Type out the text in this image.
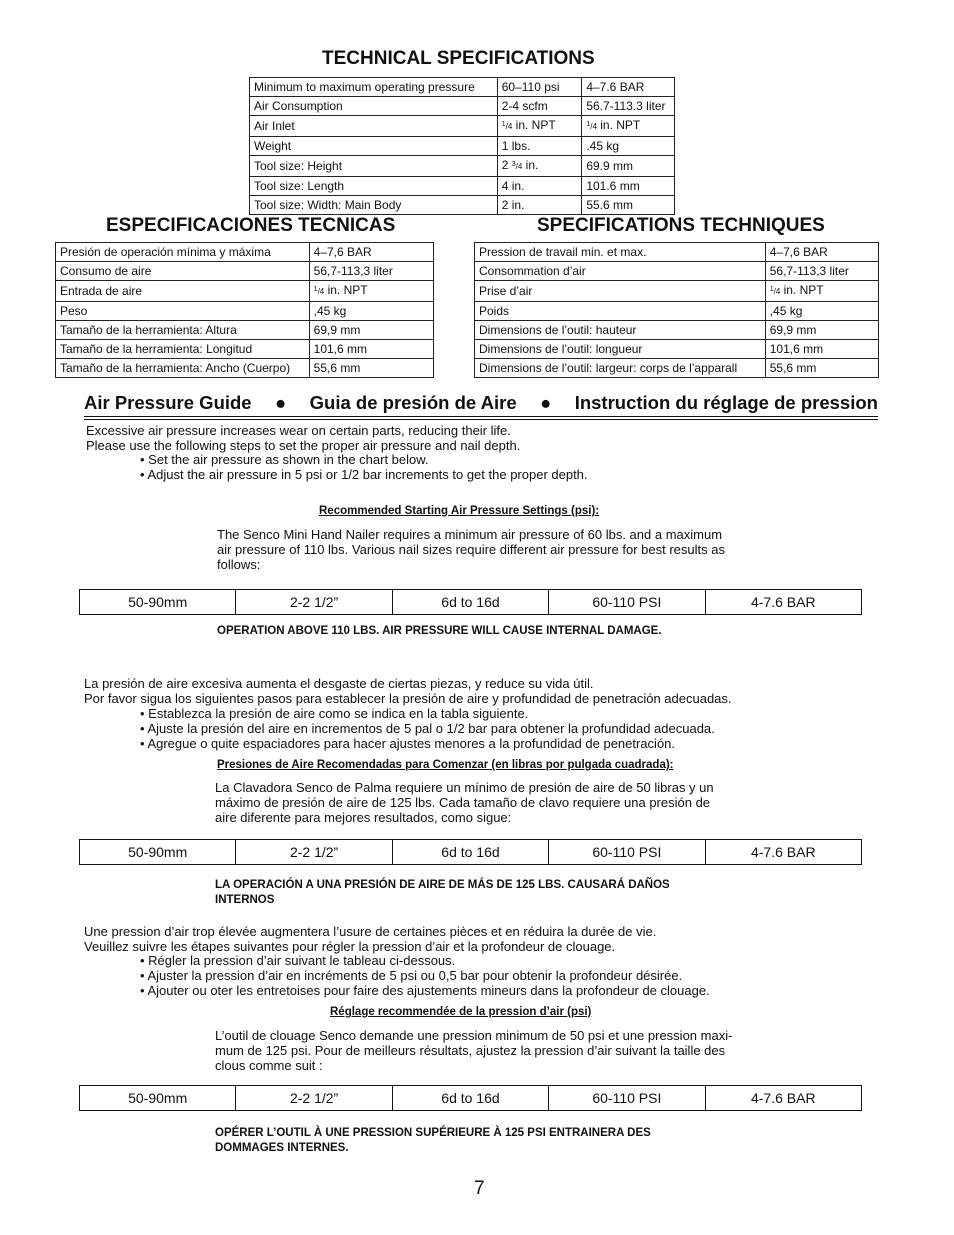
TECHNICAL SPECIFICATIONS
Minimum to maximum operating pressure	60–110 psi	4–7.6 BAR
Air Consumption	2-4 scfm	56.7-113.3 liter
Air Inlet	$^1$/4 in. NPT	$^1$/4 in. NPT
Weight	1 lbs.	.45 kg
Tool size: Height	2 $^3$/4 in.	69.9 mm
Tool size: Length	4 in.	101.6 mm
Tool size: Width: Main Body	2 in.	55.6 mm
ESPECIFICACIONES TECNICAS
Presión de operación mínima y máxima	4–7,6 BAR
Consumo de aire	56,7-113,3 liter
Entrada de aire	$^1$/4 in. NPT
Peso	,45 kg
Tamaño de la herramienta: Altura	69,9 mm
Tamaño de la herramienta: Longitud	101,6 mm
Tamaño de la herramienta: Ancho (Cuerpo)	55,6 mm
SPECIFICATIONS TECHNIQUES
Pression de travail min. et max.	4–7,6 BAR
Consommation d’air	56,7-113,3 liter
Prise d’air	$^1$/4 in. NPT
Poids	,45 kg
Dimensions de l’outil: hauteur	69,9 mm
Dimensions de l’outil: longueur	101,6 mm
Dimensions de l’outil: largeur: corps de l’apparall	55,6 mm
Air Pressure Guide ● Guia de presión de Aire ● Instruction du réglage de pression
Excessive air pressure increases wear on certain parts, reducing their life.
Please use the following steps to set the proper air pressure and nail depth.
• Set the air pressure as shown in the chart below.
• Adjust the air pressure in 5 psi or 1/2 bar increments to get the proper depth.
Recommended Starting Air Pressure Settings (psi):
The Senco Mini Hand Nailer requires a minimum air pressure of 60 lbs. and a maximum
air pressure of 110 lbs. Various nail sizes require different air pressure for best results as
follows:
50-90mm	2-2 1/2”	6d to 16d	60-110 PSI	4-7.6 BAR
OPERATION ABOVE 110 LBS. AIR PRESSURE WILL CAUSE INTERNAL DAMAGE.
La presión de aire excesiva aumenta el desgaste de ciertas piezas, y reduce su vida útil.
Por favor sigua los siguientes pasos para establecer la presión de aire y profundidad de penetración adecuadas.
• Establezca la presión de aire como se indica en la tabla siguiente.
• Ajuste la presión del aire en incrementos de 5 pal o 1/2 bar para obtener la profundidad adecuada.
• Agregue o quite espaciadores para hacer ajustes menores a la profundidad de penetración.
Presiones de Aire Recomendadas para Comenzar (en libras por pulgada cuadrada):
La Clavadora Senco de Palma requiere un mínimo de presión de aire de 50 libras y un
máximo de presión de aire de 125 lbs. Cada tamaño de clavo requiere una presión de
aire diferente para mejores resultados, como sigue:
50-90mm	2-2 1/2”	6d to 16d	60-110 PSI	4-7.6 BAR
LA OPERACIÓN A UNA PRESIÓN DE AIRE DE MÁS DE 125 LBS. CAUSARÁ DAÑOS
INTERNOS
Une pression d’air trop élevée augmentera l’usure de certaines pièces et en réduira la durée de vie.
Veuillez suivre les étapes suivantes pour régler la pression d’air et la profondeur de clouage.
• Régler la pression d’air suivant le tableau ci-dessous.
• Ajuster la pression d’air en incréments de 5 psi ou 0,5 bar pour obtenir la profondeur désirée.
• Ajouter ou oter les entretoises pour faire des ajustements mineurs dans la profondeur de clouage.
Réglage recommendée de la pression d’air (psi)
L’outil de clouage Senco demande une pression minimum de 50 psi et une pression maxi-
mum de 125 psi. Pour de meilleurs résultats, ajustez la pression d’air suivant la taille des
clous comme suit :
50-90mm	2-2 1/2”	6d to 16d	60-110 PSI	4-7.6 BAR
OPÉRER L’OUTIL À UNE PRESSION SUPÉRIEURE À 125 PSI ENTRAINERA DES
DOMMAGES INTERNES.
7
